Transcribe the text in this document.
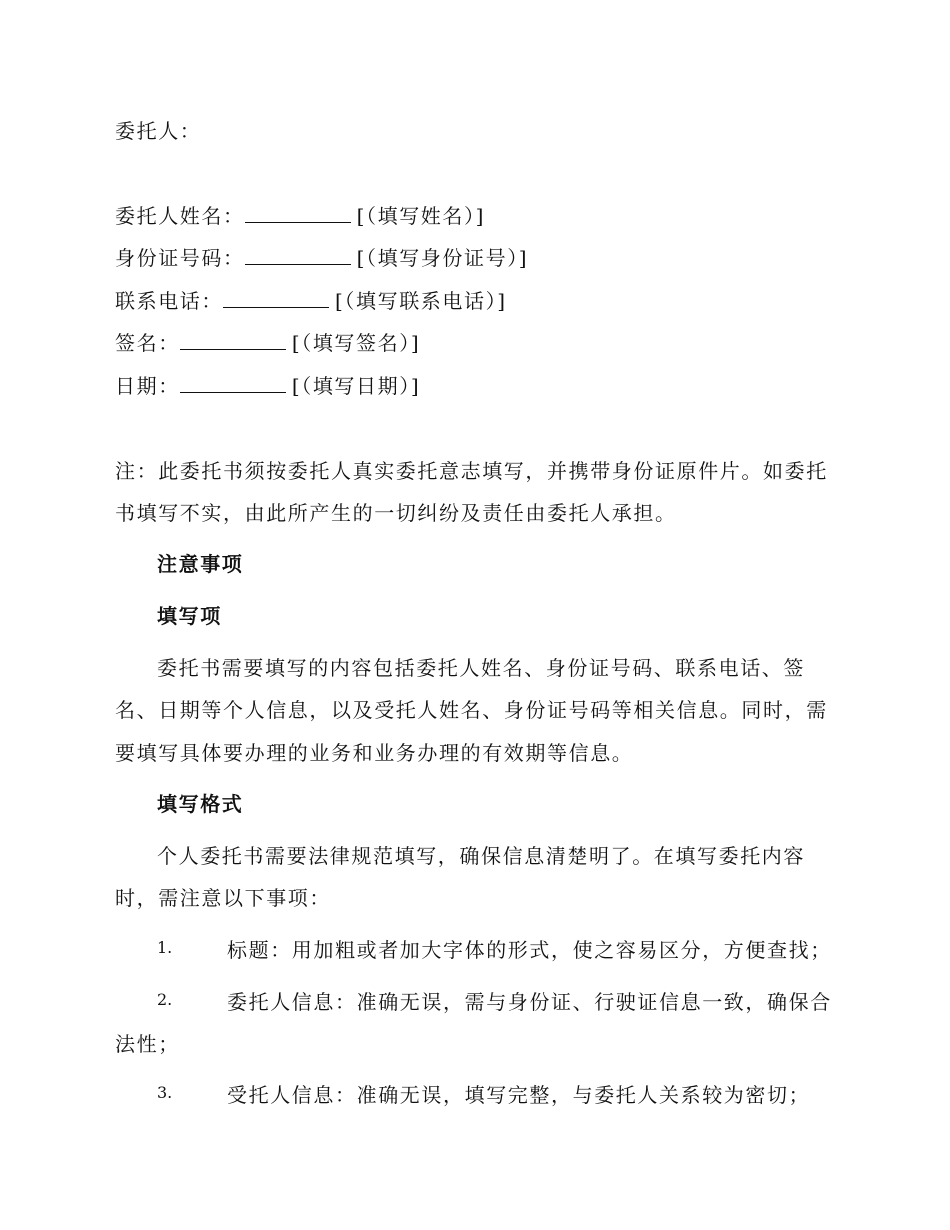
委托人：
委托人姓名：	[（填写姓名）]
身份证号码：	[（填写身份证号）]
联系电话：	[（填写联系电话）]
签名：	[（填写签名）]
日期：	[（填写日期）]
注：此委托书须按委托人真实委托意志填写，并携带身份证原件片。如委托
书填写不实，由此所产生的一切纠纷及责任由委托人承担。
注意事项
填写项
委托书需要填写的内容包括委托人姓名、身份证号码、联系电话、签
名、日期等个人信息，以及受托人姓名、身份证号码等相关信息。同时，需
要填写具体要办理的业务和业务办理的有效期等信息。
填写格式
个人委托书需要法律规范填写，确保信息清楚明了。在填写委托内容
时，需注意以下事项：
1.	标题：用加粗或者加大字体的形式，使之容易区分，方便查找；
2.	委托人信息：准确无误，需与身份证、行驶证信息一致，确保合
法性；
3.	受托人信息：准确无误，填写完整，与委托人关系较为密切；
